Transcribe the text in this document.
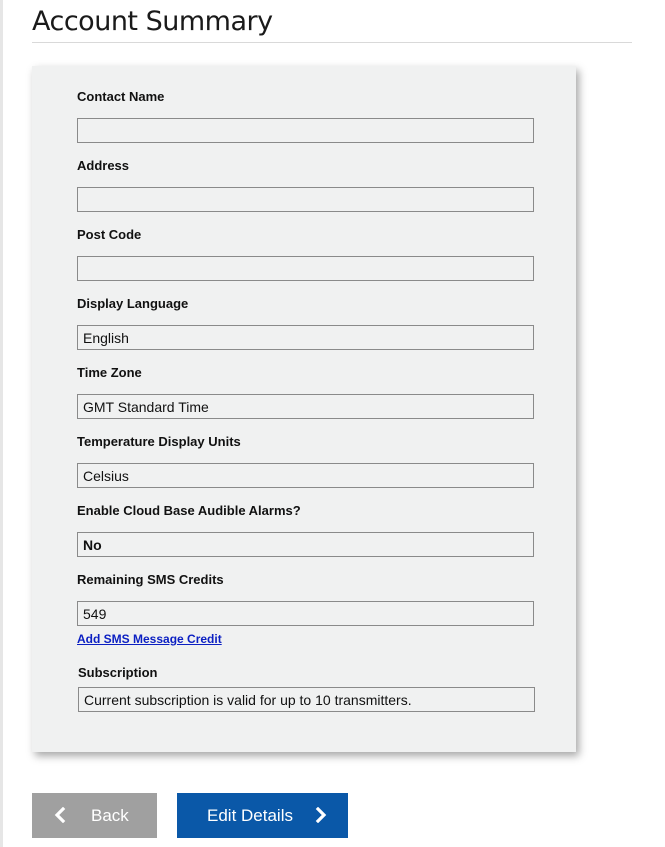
Account Summary
Contact Name
Address
Post Code
Display Language
English
Time Zone
GMT Standard Time
Temperature Display Units
Celsius
Enable Cloud Base Audible Alarms?
No
Remaining SMS Credits
549
Add SMS Message Credit
Subscription
Current subscription is valid for up to 10 transmitters.
Back	Edit Details
